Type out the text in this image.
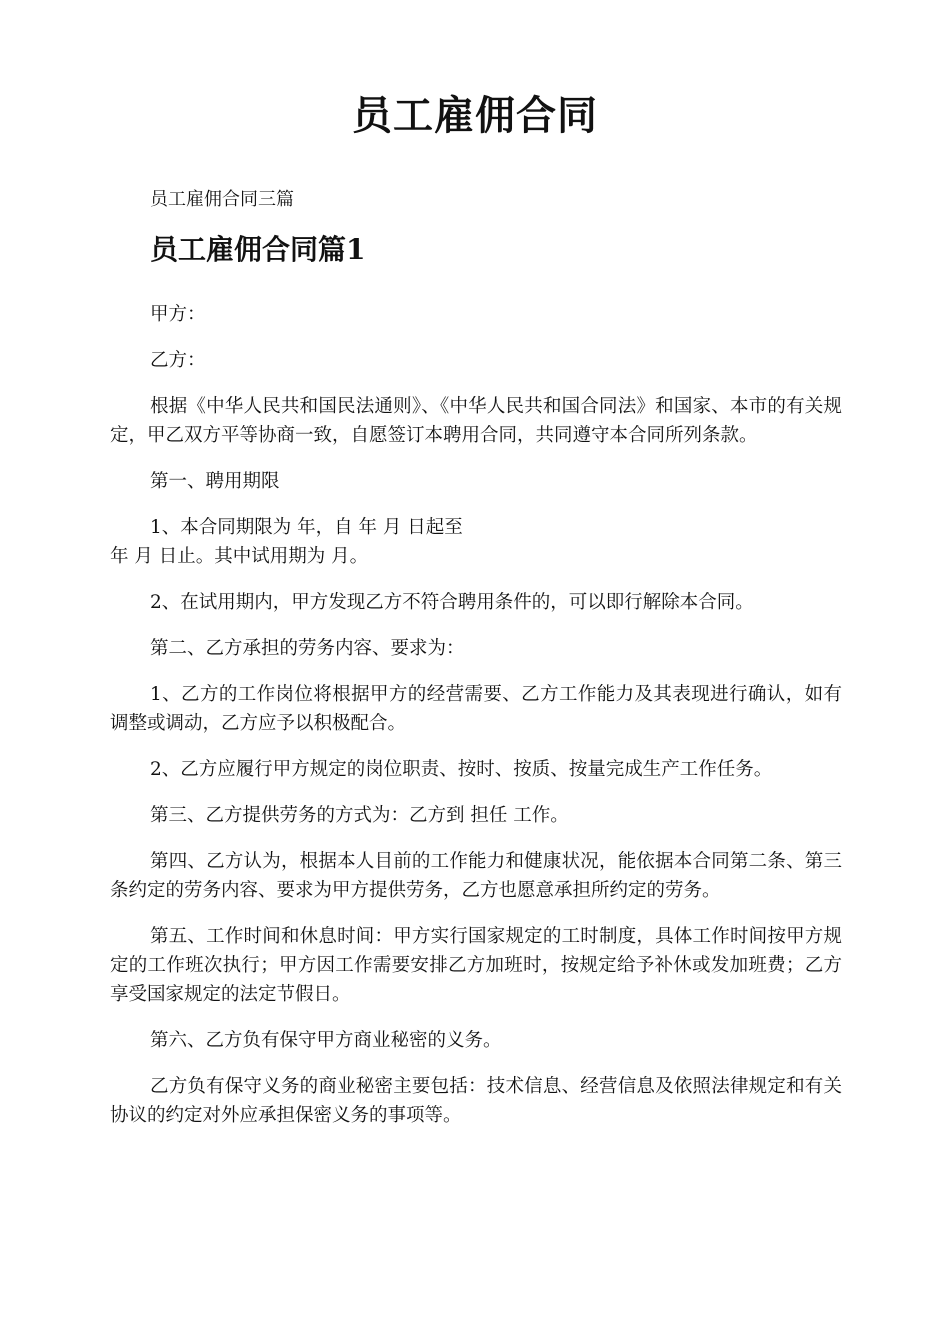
员工雇佣合同
员工雇佣合同三篇
员工雇佣合同篇1

甲方：

乙方：

根据《中华人民共和国民法通则》、《中华人民共和国合同法》和国家、本市的有关规定，甲乙双方平等协商一致，自愿签订本聘用合同，共同遵守本合同所列条款。

第一、聘用期限

1、本合同期限为 年，自 年 月 日起至
年 月 日止。其中试用期为 月。

2、在试用期内，甲方发现乙方不符合聘用条件的，可以即行解除本合同。

第二、乙方承担的劳务内容、要求为：

1、乙方的工作岗位将根据甲方的经营需要、乙方工作能力及其表现进行确认，如有调整或调动，乙方应予以积极配合。

2、乙方应履行甲方规定的岗位职责、按时、按质、按量完成生产工作任务。

第三、乙方提供劳务的方式为：乙方到 担任 工作。

第四、乙方认为，根据本人目前的工作能力和健康状况，能依据本合同第二条、第三条约定的劳务内容、要求为甲方提供劳务，乙方也愿意承担所约定的劳务。

第五、工作时间和休息时间：甲方实行国家规定的工时制度，具体工作时间按甲方规定的工作班次执行；甲方因工作需要安排乙方加班时，按规定给予补休或发加班费；乙方享受国家规定的法定节假日。

第六、乙方负有保守甲方商业秘密的义务。

乙方负有保守义务的商业秘密主要包括：技术信息、经营信息及依照法律规定和有关协议的约定对外应承担保密义务的事项等。
